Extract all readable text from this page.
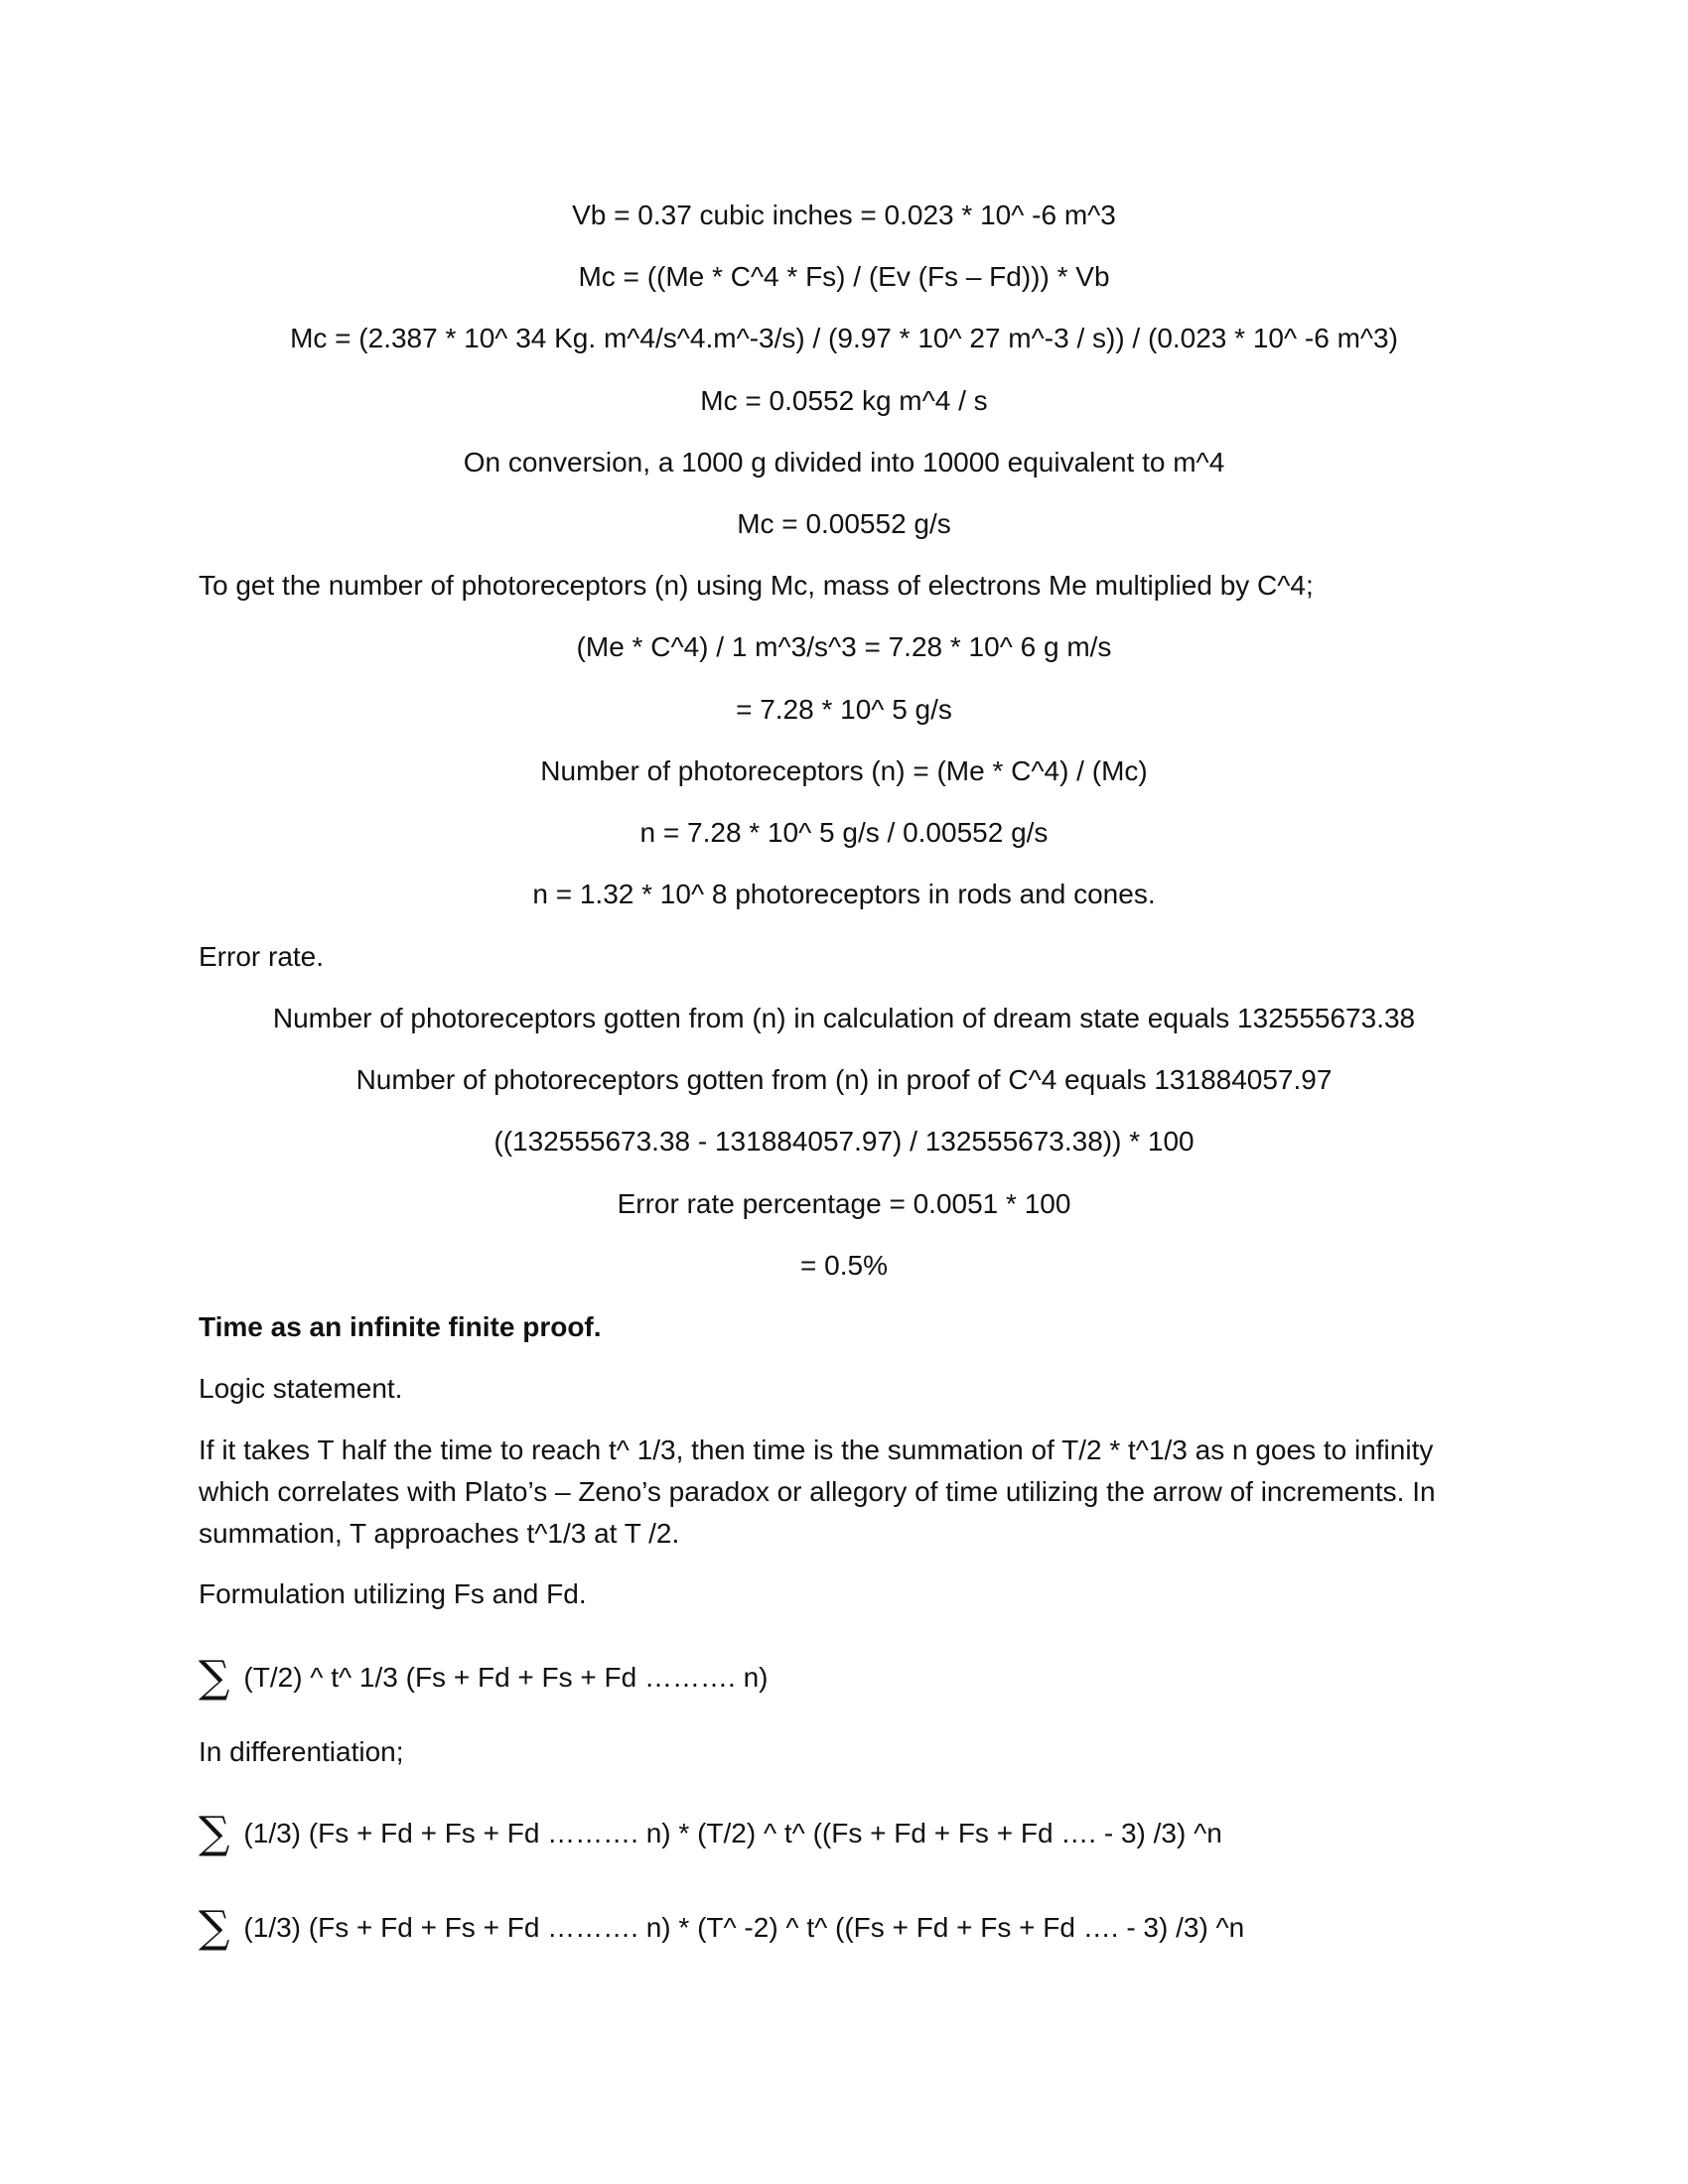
Vb = 0.37 cubic inches = 0.023 * 10^ -6 m^3
Mc = ((Me * C^4 * Fs) / (Ev (Fs – Fd))) * Vb
Mc = (2.387 * 10^ 34 Kg. m^4/s^4.m^-3/s) / (9.97 * 10^ 27 m^-3 / s)) / (0.023 * 10^ -6 m^3)
Mc = 0.0552 kg m^4 / s
On conversion, a 1000 g divided into 10000 equivalent to m^4
Mc = 0.00552 g/s
To get the number of photoreceptors (n) using Mc, mass of electrons Me multiplied by C^4;
(Me * C^4) / 1 m^3/s^3 = 7.28 * 10^ 6 g m/s
= 7.28 * 10^ 5 g/s
Number of photoreceptors (n) = (Me * C^4) / (Mc)
n = 7.28 * 10^ 5 g/s / 0.00552 g/s
n = 1.32 * 10^ 8 photoreceptors in rods and cones.
Error rate.
Number of photoreceptors gotten from (n) in calculation of dream state equals 132555673.38
Number of photoreceptors gotten from (n) in proof of C^4 equals 131884057.97
((132555673.38 - 131884057.97) / 132555673.38)) * 100
Error rate percentage = 0.0051 * 100
= 0.5%
Time as an infinite finite proof.
Logic statement.
If it takes T half the time to reach t^ 1/3, then time is the summation of T/2 * t^1/3 as n goes to infinity which correlates with Plato’s – Zeno’s paradox or allegory of time utilizing the arrow of increments. In summation, T approaches t^1/3 at T /2.
Formulation utilizing Fs and Fd.
∑ (T/2) ^ t^ 1/3 (Fs + Fd + Fs + Fd ………. n)
In differentiation;
∑ (1/3) (Fs + Fd + Fs + Fd ………. n) * (T/2) ^ t^ ((Fs + Fd + Fs + Fd …. - 3) /3) ^n
∑ (1/3) (Fs + Fd + Fs + Fd ………. n) * (T^ -2) ^ t^ ((Fs + Fd + Fs + Fd …. - 3) /3) ^n
